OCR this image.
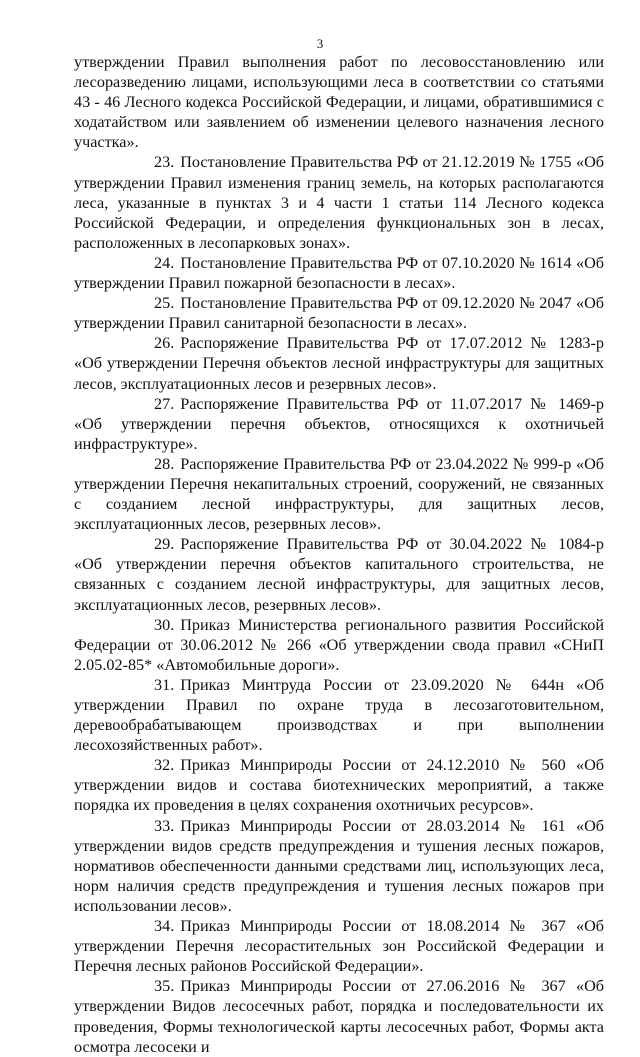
3

утверждении Правил выполнения работ по лесовосстановлению или лесоразведению лицами, использующими леса в соответствии со статьями 43 - 46 Лесного кодекса Российской Федерации, и лицами, обратившимися с ходатайством или заявлением об изменении целевого назначения лесного участка».

23. Постановление Правительства РФ от 21.12.2019 № 1755 «Об утверждении Правил изменения границ земель, на которых располагаются леса, указанные в пунктах 3 и 4 части 1 статьи 114 Лесного кодекса Российской Федерации, и определения функциональных зон в лесах, расположенных в лесопарковых зонах».

24. Постановление Правительства РФ от 07.10.2020 № 1614 «Об утверждении Правил пожарной безопасности в лесах».

25. Постановление Правительства РФ от 09.12.2020 № 2047 «Об утверждении Правил санитарной безопасности в лесах».

26. Распоряжение Правительства РФ от 17.07.2012 № 1283-р «Об утверждении Перечня объектов лесной инфраструктуры для защитных лесов, эксплуатационных лесов и резервных лесов».

27. Распоряжение Правительства РФ от 11.07.2017 № 1469-р «Об утверждении перечня объектов, относящихся к охотничьей инфраструктуре».

28. Распоряжение Правительства РФ от 23.04.2022 № 999-р «Об утверждении Перечня некапитальных строений, сооружений, не связанных с созданием лесной инфраструктуры, для защитных лесов, эксплуатационных лесов, резервных лесов».

29. Распоряжение Правительства РФ от 30.04.2022 № 1084-р «Об утверждении перечня объектов капитального строительства, не связанных с созданием лесной инфраструктуры, для защитных лесов, эксплуатационных лесов, резервных лесов».

30. Приказ Министерства регионального развития Российской Федерации от 30.06.2012 № 266 «Об утверждении свода правил «СНиП 2.05.02-85* «Автомобильные дороги».

31. Приказ Минтруда России от 23.09.2020 № 644н «Об утверждении Правил по охране труда в лесозаготовительном, деревообрабатывающем производствах и при выполнении лесохозяйственных работ».

32. Приказ Минприроды России от 24.12.2010 № 560 «Об утверждении видов и состава биотехнических мероприятий, а также порядка их проведения в целях сохранения охотничьих ресурсов».

33. Приказ Минприроды России от 28.03.2014 № 161 «Об утверждении видов средств предупреждения и тушения лесных пожаров, нормативов обеспеченности данными средствами лиц, использующих леса, норм наличия средств предупреждения и тушения лесных пожаров при использовании лесов».

34. Приказ Минприроды России от 18.08.2014 № 367 «Об утверждении Перечня лесорастительных зон Российской Федерации и Перечня лесных районов Российской Федерации».

35. Приказ Минприроды России от 27.06.2016 № 367 «Об утверждении Видов лесосечных работ, порядка и последовательности их проведения, Формы технологической карты лесосечных работ, Формы акта осмотра лесосеки и
